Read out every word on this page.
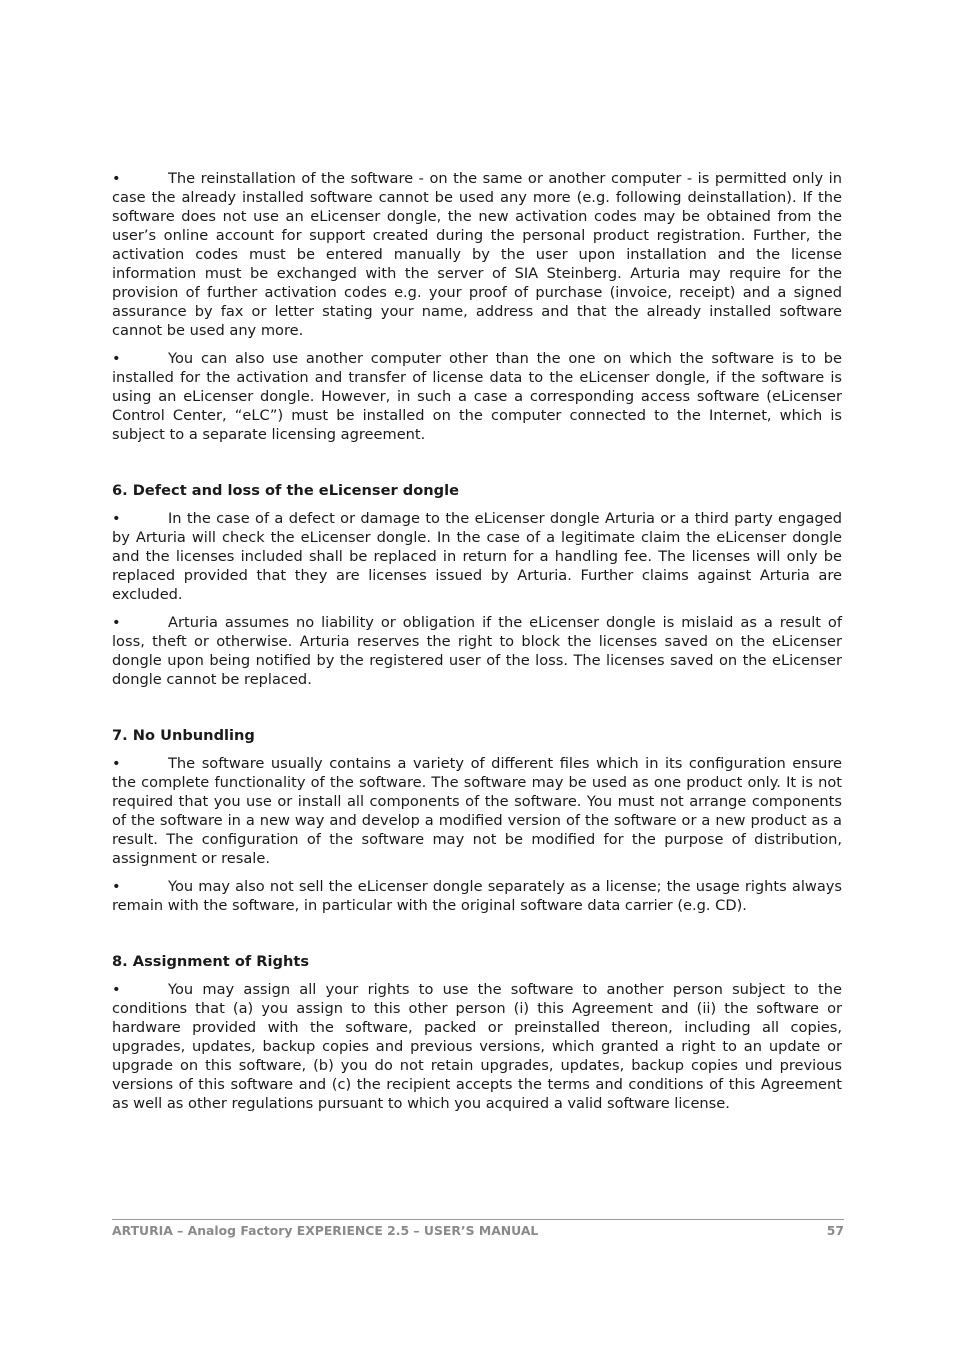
•	The reinstallation of the software - on the same or another computer - is permitted only in case the already installed software cannot be used any more (e.g. following deinstallation). If the software does not use an eLicenser dongle, the new activation codes may be obtained from the user’s online account for support created during the personal product registration. Further, the activation codes must be entered manually by the user upon installation and the license information must be exchanged with the server of SIA Steinberg. Arturia may require for the provision of further activation codes e.g. your proof of purchase (invoice, receipt) and a signed assurance by fax or letter stating your name, address and that the already installed software cannot be used any more.

•	You can also use another computer other than the one on which the software is to be installed for the activation and transfer of license data to the eLicenser dongle, if the software is using an eLicenser dongle. However, in such a case a corresponding access software (eLicenser Control Center, “eLC”) must be installed on the computer connected to the Internet, which is subject to a separate licensing agreement.

6. Defect and loss of the eLicenser dongle

•	In the case of a defect or damage to the eLicenser dongle Arturia or a third party engaged by Arturia will check the eLicenser dongle. In the case of a legitimate claim the eLicenser dongle and the licenses included shall be replaced in return for a handling fee. The licenses will only be replaced provided that they are licenses issued by Arturia. Further claims against Arturia are excluded.

•	Arturia assumes no liability or obligation if the eLicenser dongle is mislaid as a result of loss, theft or otherwise. Arturia reserves the right to block the licenses saved on the eLicenser dongle upon being notified by the registered user of the loss. The licenses saved on the eLicenser dongle cannot be replaced.

7. No Unbundling

•	The software usually contains a variety of different files which in its configuration ensure the complete functionality of the software. The software may be used as one product only. It is not required that you use or install all components of the software. You must not arrange components of the software in a new way and develop a modified version of the software or a new product as a result. The configuration of the software may not be modified for the purpose of distribution, assignment or resale.

•	You may also not sell the eLicenser dongle separately as a license; the usage rights always remain with the software, in particular with the original software data carrier (e.g. CD).

8. Assignment of Rights

•	You may assign all your rights to use the software to another person subject to the conditions that (a) you assign to this other person (i) this Agreement and (ii) the software or hardware provided with the software, packed or preinstalled thereon, including all copies, upgrades, updates, backup copies and previous versions, which granted a right to an update or upgrade on this software, (b) you do not retain upgrades, updates, backup copies und previous versions of this software and (c) the recipient accepts the terms and conditions of this Agreement as well as other regulations pursuant to which you acquired a valid software license.

ARTURIA – Analog Factory EXPERIENCE 2.5 – USER’S MANUAL	57
